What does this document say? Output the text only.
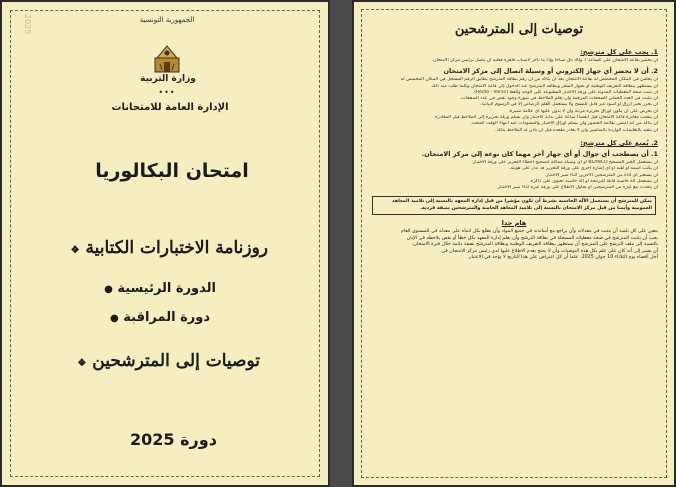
2025	الجمهورية التونسية
وزارة التربية
•••
الإدارة العامة للامتحانات
امتحان البكالوريا
روزنامة الاختبارات الكتابية ❖
الدورة الرئيسية ●
دورة المراقبة ●
توصيات إلى المترشحين ❖
دورة 2025
توصيات إلى المترشحين
1. يجب على كل مترشح:
أن يحضر بقاعة الامتحان على الساعة 7 و30 دق صباحا وإذا ما تأخر لأسباب قاهرة فعليه أن يتصل برئيس مركز الامتحان.
2. أن لا يحضر أي جهاز إلكتروني أو وسيلة اتصال إلى مركز الامتحان
أن يجلس في المكان المخصص له بقاعة الامتحان بعد أن يتأكد من أن رقم بطاقة المترشح يطابق الرقم المسجل في المكان المخصص له.
أن يستظهر ببطاقة التعريف الوطنية أو بجواز السفر وبطاقة المترشح عند الدخول إلى قاعة الامتحان وكلما طلب منه ذلك.
أن يثبت صحة المعطيات المدونة على ورقة الاختبار المطبوعة على الوجه والقفا (Recto - Verso).
أن يتثبت في العدد الجملي للصفحات المرقمة وأن يعلم الملاحظ في صورة وجود نقص في عدد الصفحات.
أن يحرر بحبر أزرق أو أسود غير قابل للمسح ولا يستعمل القلم الرصاص إلا في الرسوم البيانية.
أن يحرص على أن يكون أوراق تحريره مرتبة وأن لا يدون عليها أي علامة مميزة.
أن يتجنب مغادرة قاعة الامتحان قبل انقضاء ساعة على بداية الاختبار وأن يسلم ورقة تحريره إلى الملاحظ قبل المغادرة.
أن يتأكد من أنه أمضى بقائمة الحضور وأن يسلم أوراق الاختبار والمسودات عند انتهاء الوقت المحدد.
أن يتقيد بالتعليمات الواردة بالمناشير وأن لا يغادر مقعده قبل أن يأذن له الملاحظ بذلك.
2. يُمنع على كل مترشح:
1. أن يصطحب أي جوال أو أي جهاز آخر مهما كان نوعه إلى مركز الامتحان.
أن يستعمل الحبر المصحح BLANCO أو أي وسيلة مماثلة لتصحيح أخطاء التحرير على ورقة الاختبار.
أن يكتب اسمه أو لقبه أو أي إشارة أخرى على ورقة التحرير قد تدل على هويته.
أن يستعير أي أداة من المترشحين الآخرين أثناء سير الاختبار.
أن يستعمل آلة حاسبة قابلة للبرمجة أو آلة حاسبة تحتوي على ذاكرة.
أن يتحدث مع غيره من المترشحين أو يحاول الاطلاع على ورقة غيره أثناء سير الاختبار.
يمكن للمترشح أن يستعمل الآلة الحاسبة بشرط أن تكون مؤشرا من قبل إدارة المعهد بالنسبة إلى تلاميذ المعاهد العمومية وأيضا من قبل مركز الامتحان بالنسبة إلى تلاميذ المعاهد الخاصة والمترشحين بصفة فردية.
هام جدا
يتعين على كل تلميذ أن يتثبت في معدلاته وأن يراجع مع أساتذته في جميع المواد وأن يطلع بكل انتباه على معدله في المستوى العام
يجب أن يتثبت المترشح في صحة معطياته المسجلة في بطاقة الترشح وأن يعلم إدارة المعهد بكل خطأ أو نقص يلاحظه في الإبان
بالنسبة إلى ملف الترشح على المترشح أن يستظهر ببطاقة التعريف الوطنية وبطاقة المترشح بصفة دائمة خلال فترة الامتحان.
أن يشير إلى أنه كان على علم بكل هذه التوصيات وأن لا يحتج بعدم الاطلاع عليها لدى رئيس مركز الامتحان في
أجل أقصاه يوم الثلاثاء 10 جوان 2025. علما أن كل اعتراض على هذا التاريخ لا يؤخذ في الاعتبار.
